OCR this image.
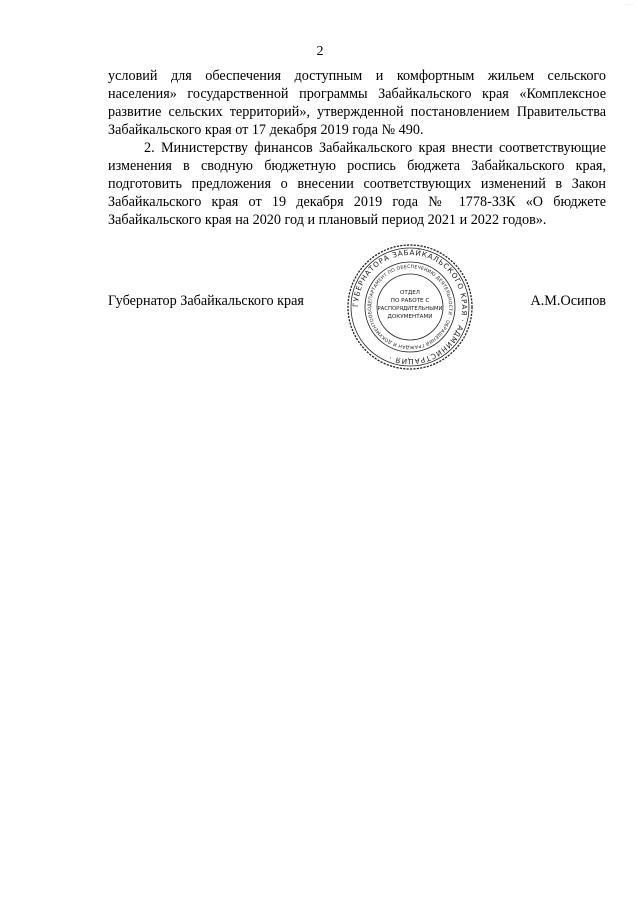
...
2

условий для обеспечения доступным и комфортным жильем сельского населения» государственной программы Забайкальского края «Комплексное развитие сельских территорий», утвержденной постановлением Правительства Забайкальского края от 17 декабря 2019 года № 490.

2. Министерству финансов Забайкальского края внести соответствующие изменения в сводную бюджетную роспись бюджета Забайкальского края, подготовить предложения о внесении соответствующих изменений в Закон Забайкальского края от 19 декабря 2019 года № 1778-ЗЗК «О бюджете Забайкальского края на 2020 год и плановый период 2021 и 2022 годов».

Губернатор Забайкальского края	А.М.Осипов
ГУБЕРНАТОРА ЗАБАЙКАЛЬСКОГО КРАЯ · АДМИНИСТРАЦИЯ ·
ДЕПАРТАМЕНТ ПО ОБЕСПЕЧЕНИЮ ДЕЯТЕЛЬНОСТИ · ОБРАЩЕНИЙ ГРАЖДАН И ДОКУМЕНТООБО
ОТДЕЛ
ПО РАБОТЕ С
РАСПОРЯДИТЕЛЬНЫМИ
ДОКУМЕНТАМИ
